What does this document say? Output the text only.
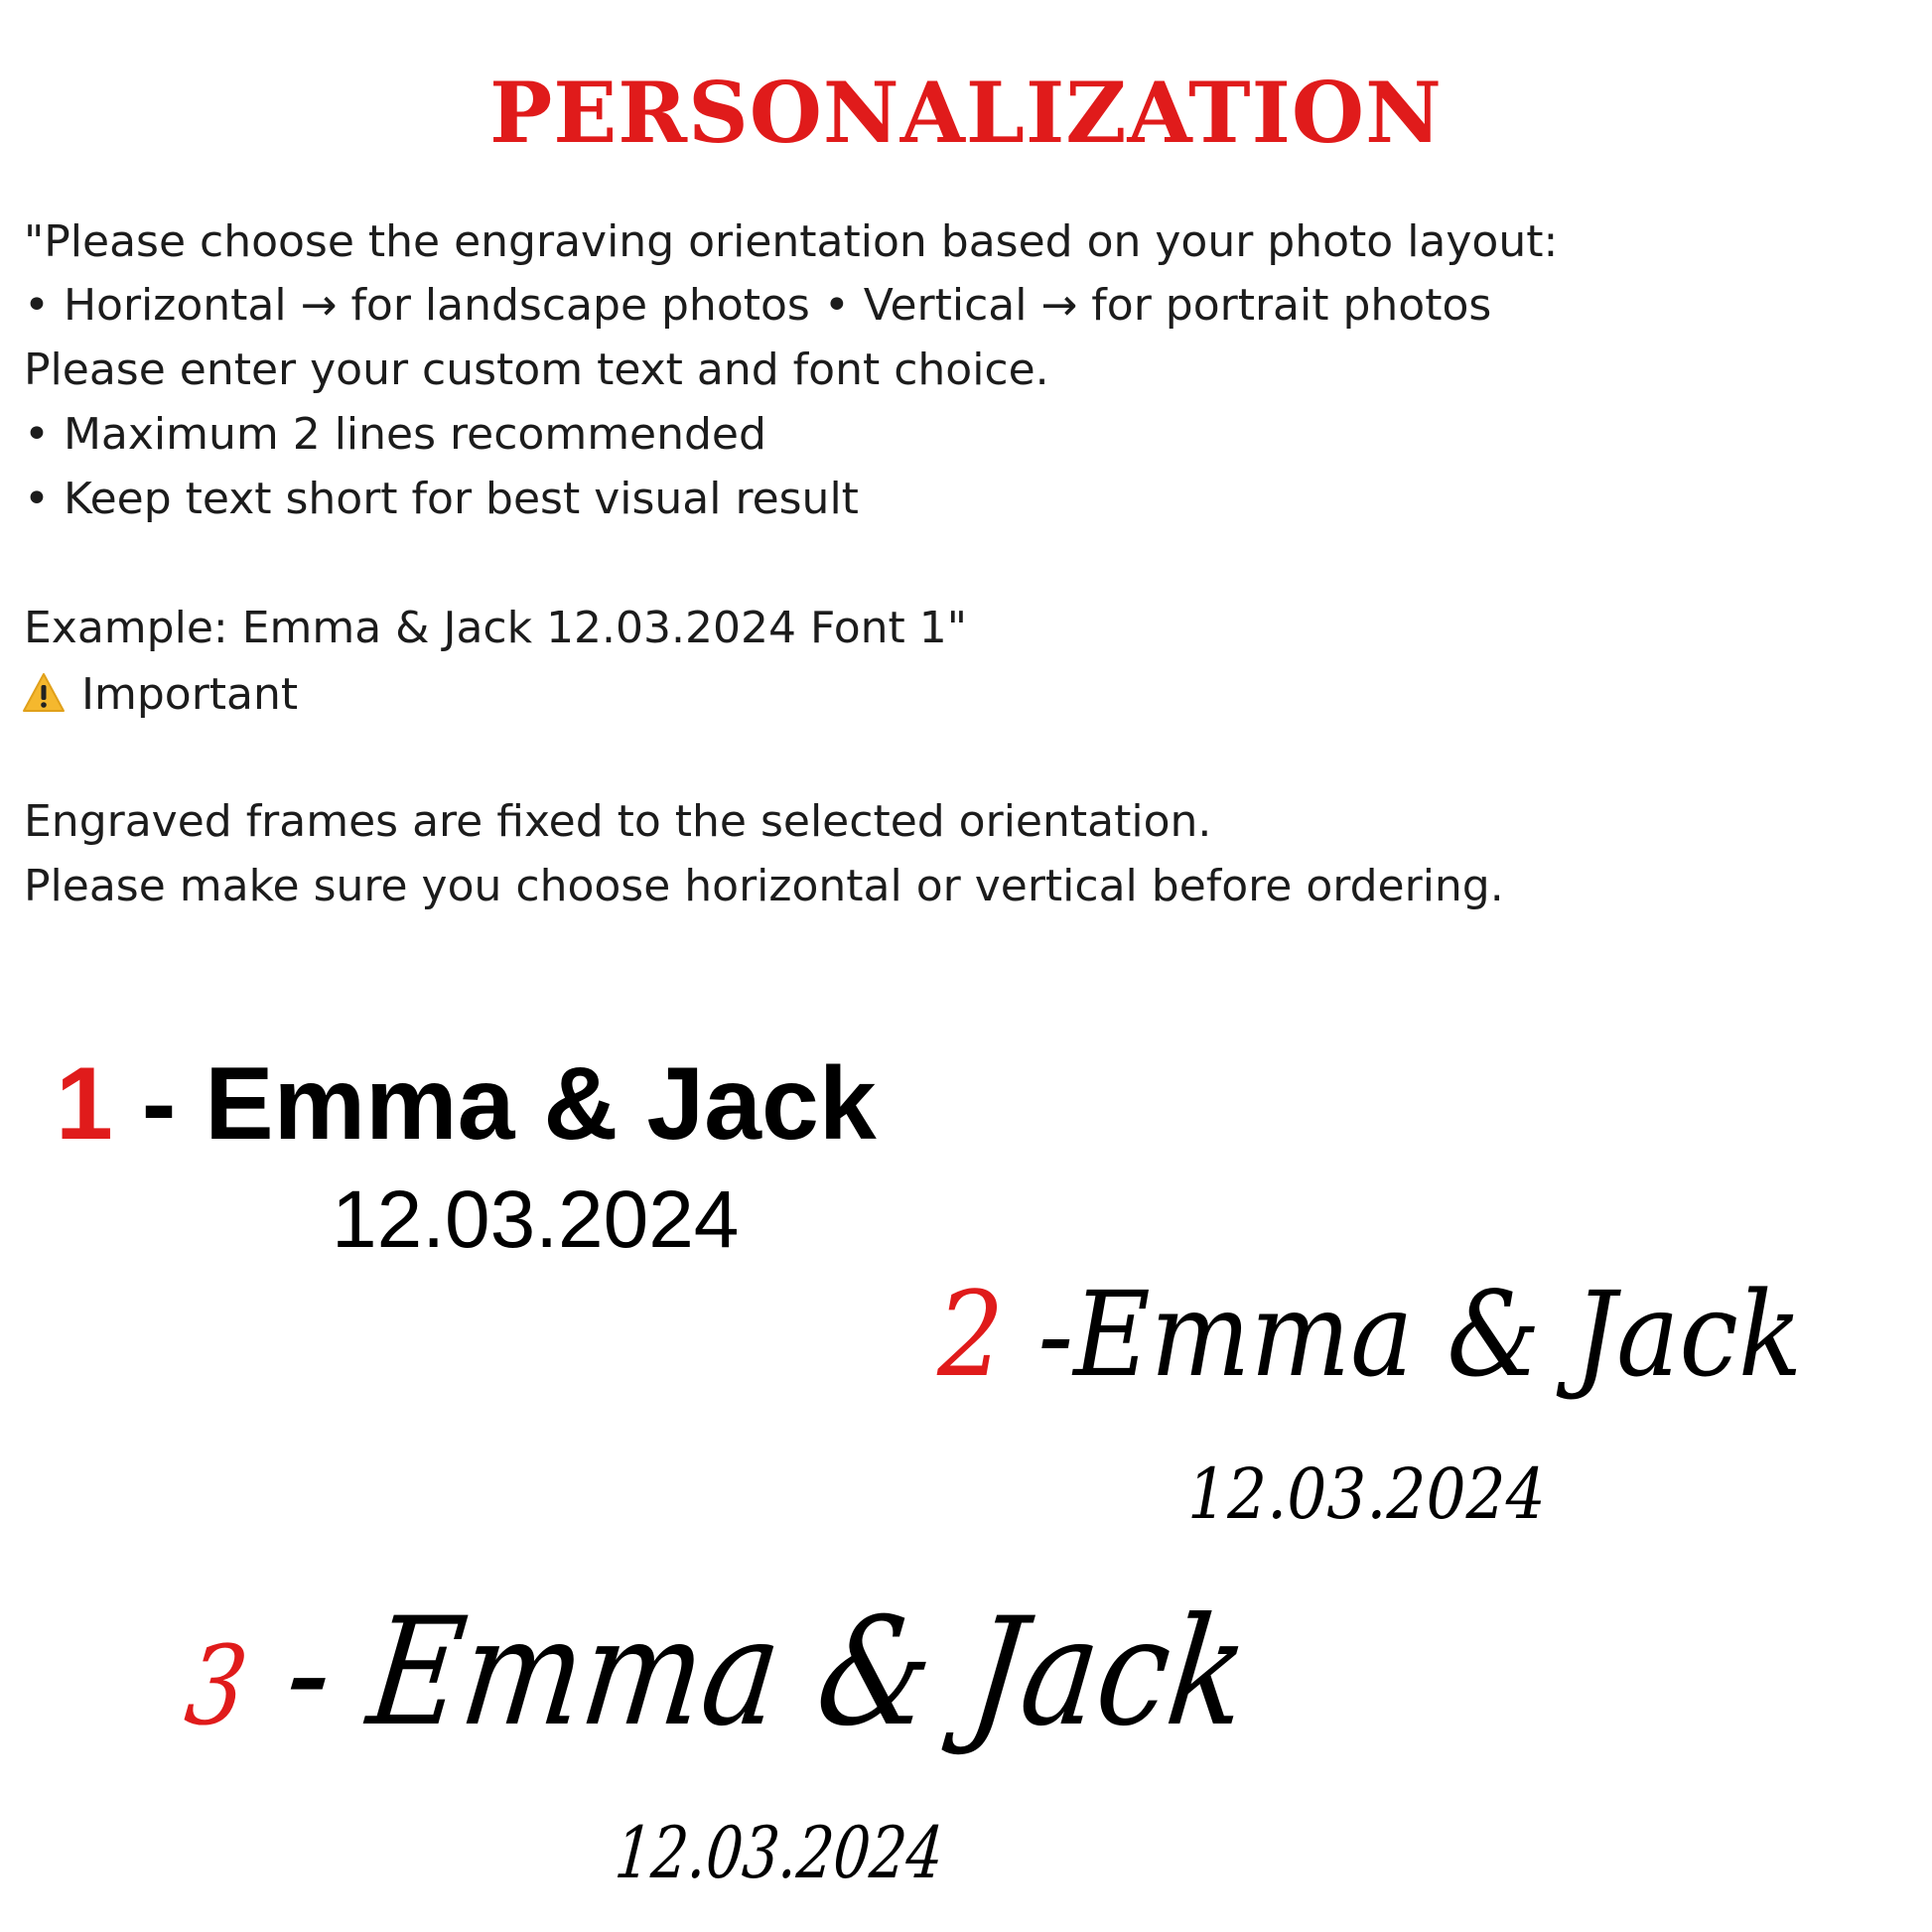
PERSONALIZATION
"Please choose the engraving orientation based on your photo layout:
• Horizontal → for landscape photos • Vertical → for portrait photos
Please enter your custom text and font choice.
• Maximum 2 lines recommended
• Keep text short for best visual result
Example: Emma & Jack 12.03.2024 Font 1"
Important
Engraved frames are fixed to the selected orientation.
Please make sure you choose horizontal or vertical before ordering.
1 - Emma & Jack
12.03.2024
2 -Emma & Jack
12.03.2024
3 - Emma & Jack
12.03.2024
